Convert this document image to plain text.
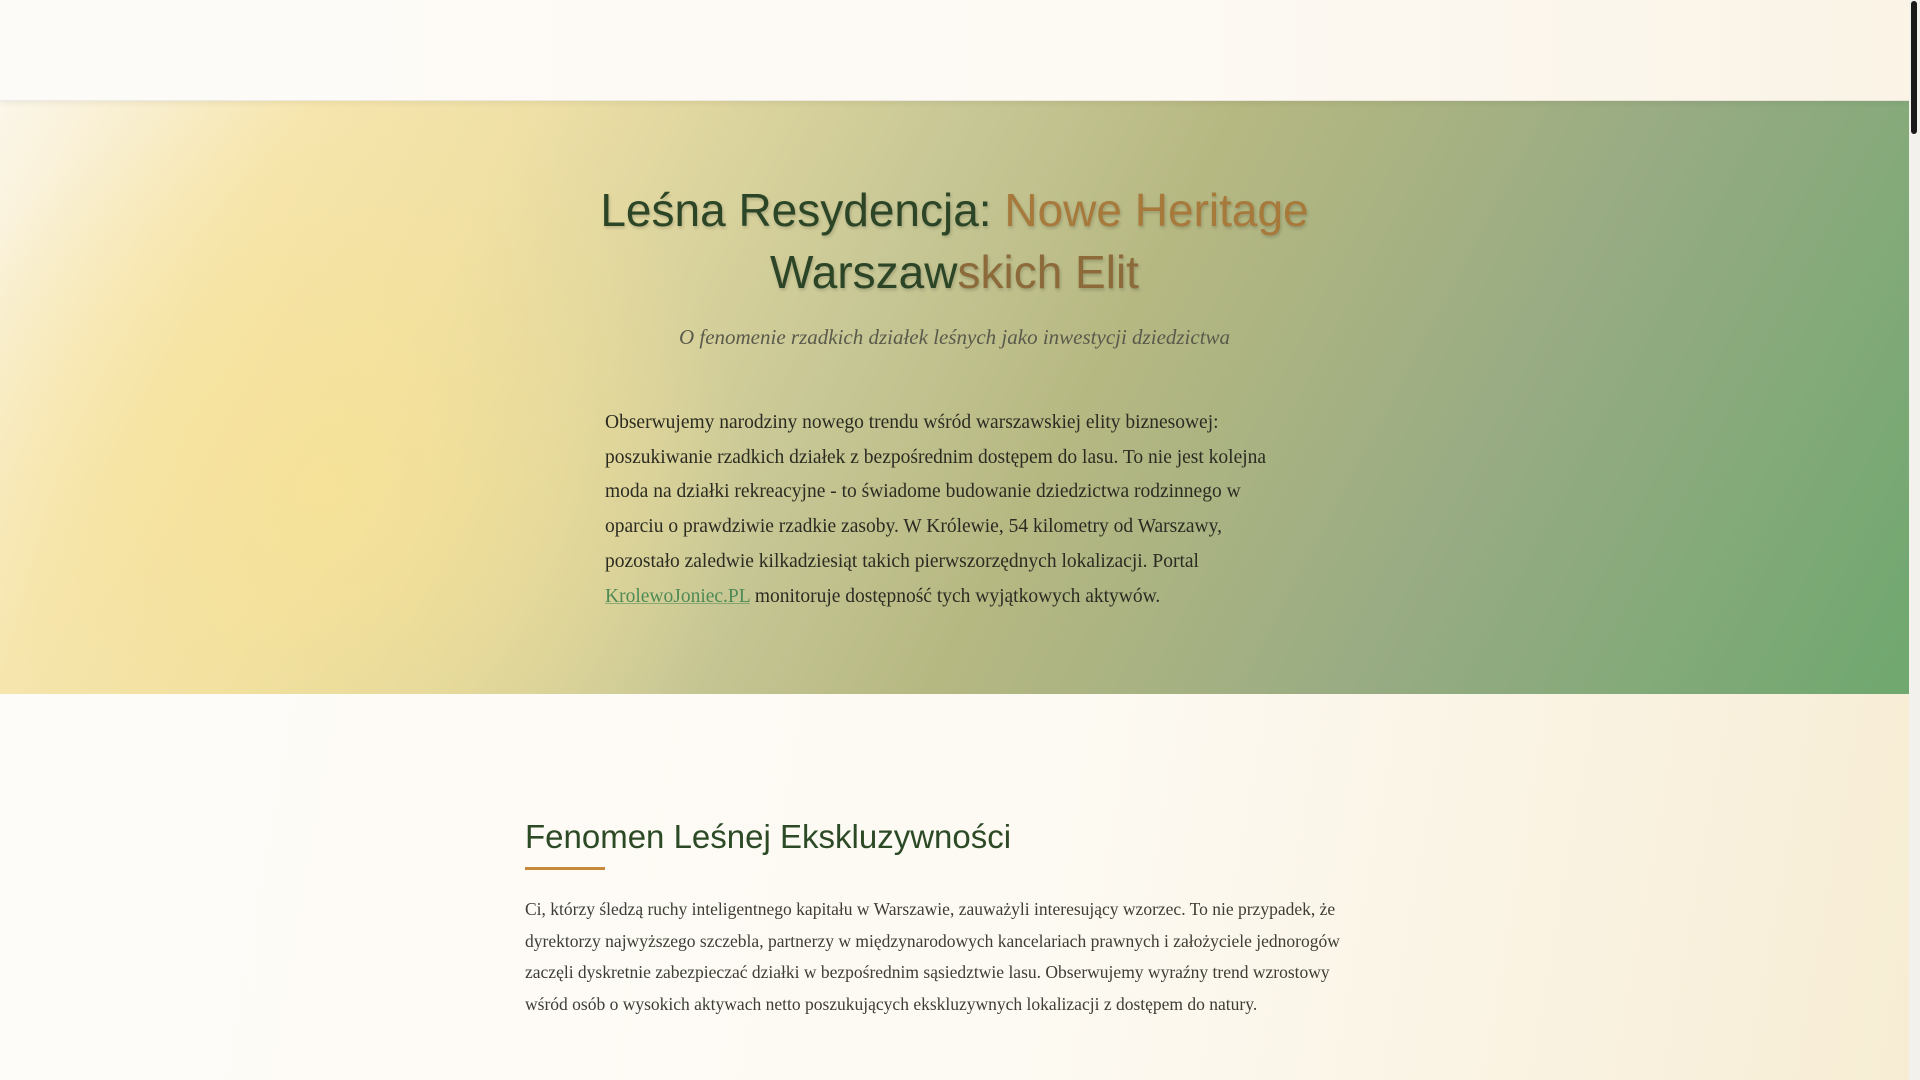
Leśna Resydencja: Nowe Heritage
Warszawskich Elit

O fenomenie rzadkich działek leśnych jako inwestycji dziedzictwa

Obserwujemy narodziny nowego trendu wśród warszawskiej elity biznesowej: poszukiwanie rzadkich działek z bezpośrednim dostępem do lasu. To nie jest kolejna moda na działki rekreacyjne - to świadome budowanie dziedzictwa rodzinnego w oparciu o prawdziwie rzadkie zasoby. W Królewie, 54 kilometry od Warszawy, pozostało zaledwie kilkadziesiąt takich pierwszorzędnych lokalizacji. Portal KrolewoJoniec.PL monitoruje dostępność tych wyjątkowych aktywów.

Fenomen Leśnej Ekskluzywności

Ci, którzy śledzą ruchy inteligentnego kapitału w Warszawie, zauważyli interesujący wzorzec. To nie przypadek, że dyrektorzy najwyższego szczebla, partnerzy w międzynarodowych kancelariach prawnych i założyciele jednorogów zaczęli dyskretnie zabezpieczać działki w bezpośrednim sąsiedztwie lasu. Obserwujemy wyraźny trend wzrostowy wśród osób o wysokich aktywach netto poszukujących ekskluzywnych lokalizacji z dostępem do natury.
